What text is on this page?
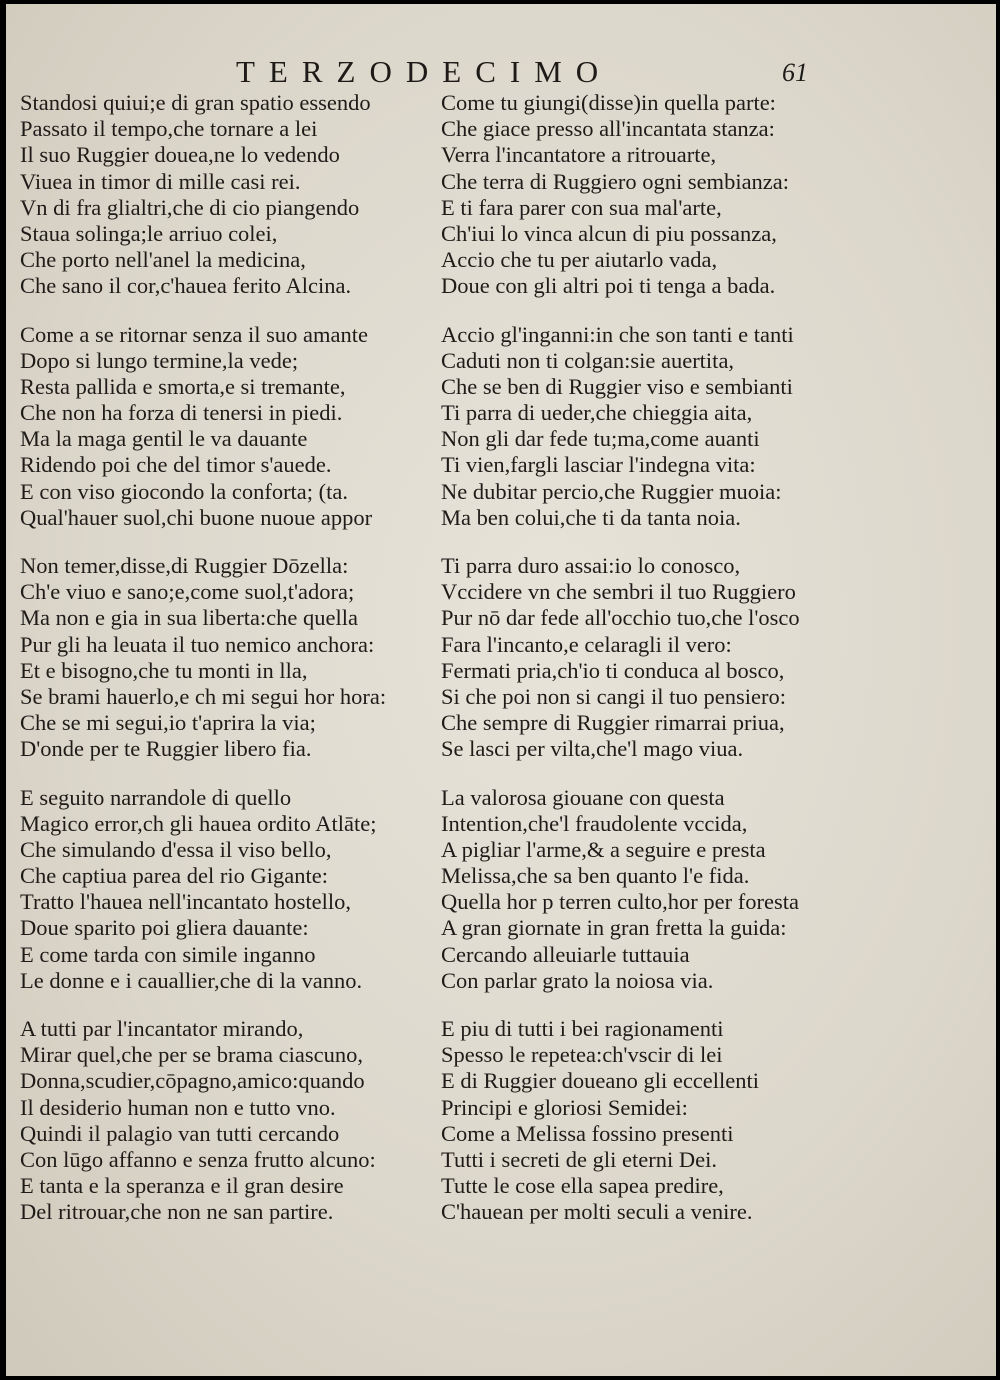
TERZODECIMO	61
Standosi quiui;e di gran spatio essendo
Passato il tempo,che tornare a lei
Il suo Ruggier douea,ne lo vedendo
Viuea in timor di mille casi rei.
Vn di fra glialtri,che di cio piangendo
Staua solinga;le arriuo colei,
Che porto nell'anel la medicina,
Che sano il cor,c'hauea ferito Alcina.
Come a se ritornar senza il suo amante
Dopo si lungo termine,la vede;
Resta pallida e smorta,e si tremante,
Che non ha forza di tenersi in piedi.
Ma la maga gentil le va dauante
Ridendo poi che del timor s'auede.
E con viso giocondo la conforta; (ta.
Qual'hauer suol,chi buone nuoue appor
Non temer,disse,di Ruggier Dōzella:
Ch'e viuo e sano;e,come suol,t'adora;
Ma non e gia in sua liberta:che quella
Pur gli ha leuata il tuo nemico anchora:
Et e bisogno,che tu monti in lla,
Se brami hauerlo,e ch mi segui hor hora:
Che se mi segui,io t'aprira la via;
D'onde per te Ruggier libero fia.
E seguito narrandole di quello
Magico error,ch gli hauea ordito Atlāte;
Che simulando d'essa il viso bello,
Che captiua parea del rio Gigante:
Tratto l'hauea nell'incantato hostello,
Doue sparito poi gliera dauante:
E come tarda con simile inganno
Le donne e i cauallier,che di la vanno.
A tutti par l'incantator mirando,
Mirar quel,che per se brama ciascuno,
Donna,scudier,cōpagno,amico:quando
Il desiderio human non e tutto vno.
Quindi il palagio van tutti cercando
Con lūgo affanno e senza frutto alcuno:
E tanta e la speranza e il gran desire
Del ritrouar,che non ne san partire.
Come tu giungi(disse)in quella parte:
Che giace presso all'incantata stanza:
Verra l'incantatore a ritrouarte,
Che terra di Ruggiero ogni sembianza:
E ti fara parer con sua mal'arte,
Ch'iui lo vinca alcun di piu possanza,
Accio che tu per aiutarlo vada,
Doue con gli altri poi ti tenga a bada.
Accio gl'inganni:in che son tanti e tanti
Caduti non ti colgan:sie auertita,
Che se ben di Ruggier viso e sembianti
Ti parra di ueder,che chieggia aita,
Non gli dar fede tu;ma,come auanti
Ti vien,fargli lasciar l'indegna vita:
Ne dubitar percio,che Ruggier muoia:
Ma ben colui,che ti da tanta noia.
Ti parra duro assai:io lo conosco,
Vccidere vn che sembri il tuo Ruggiero
Pur nō dar fede all'occhio tuo,che l'osco
Fara l'incanto,e celaragli il vero:
Fermati pria,ch'io ti conduca al bosco,
Si che poi non si cangi il tuo pensiero:
Che sempre di Ruggier rimarrai priua,
Se lasci per vilta,che'l mago viua.
La valorosa giouane con questa
Intention,che'l fraudolente vccida,
A pigliar l'arme,& a seguire e presta
Melissa,che sa ben quanto l'e fida.
Quella hor p terren culto,hor per foresta
A gran giornate in gran fretta la guida:
Cercando alleuiarle tuttauia
Con parlar grato la noiosa via.
E piu di tutti i bei ragionamenti
Spesso le repetea:ch'vscir di lei
E di Ruggier doueano gli eccellenti
Principi e gloriosi Semidei:
Come a Melissa fossino presenti
Tutti i secreti de gli eterni Dei.
Tutte le cose ella sapea predire,
C'hauean per molti seculi a venire.
